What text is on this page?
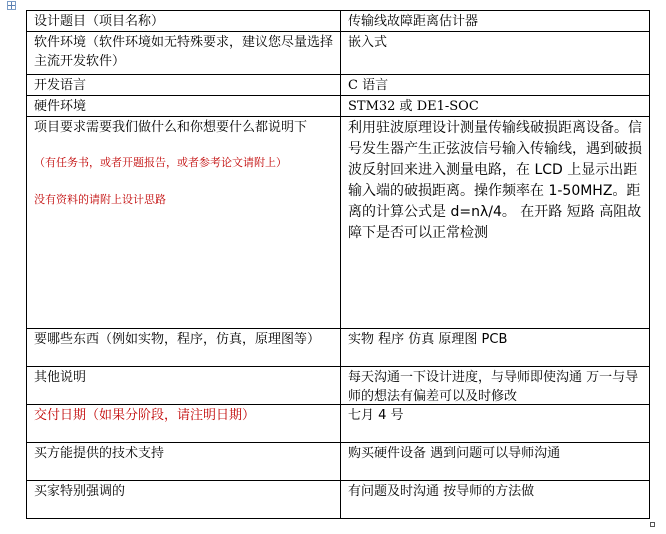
设计题目（项目名称）	传输线故障距离估计器
软件环境（软件环境如无特殊要求，建议您尽量选择主流开发软件）	嵌入式
开发语言	C 语言
硬件环境	STM32 或 DE1-SOC

项目要求需要我们做什么和你想要什么都说明下
（有任务书，或者开题报告，或者参考论文请附上）
没有资料的请附上设计思路	利用驻波原理设计测量传输线破损距离设备。信号发生器产生正弦波信号输入传输线，遇到破损波反射回来进入测量电路，在 LCD 上显示出距输入端的破损距离。操作频率在 1-50MHZ。距离的计算公式是 d=nλ/4。 在开路 短路 高阻故障下是否可以正常检测
要哪些东西（例如实物，程序，仿真，原理图等）	实物 程序 仿真 原理图 PCB
其他说明	每天沟通一下设计进度，与导师即使沟通 万一与导师的想法有偏差可以及时修改

交付日期（如果分阶段，请注明日期）	七月 4 号
买方能提供的技术支持	购买硬件设备 遇到问题可以导师沟通
买家特别强调的	有问题及时沟通 按导师的方法做
